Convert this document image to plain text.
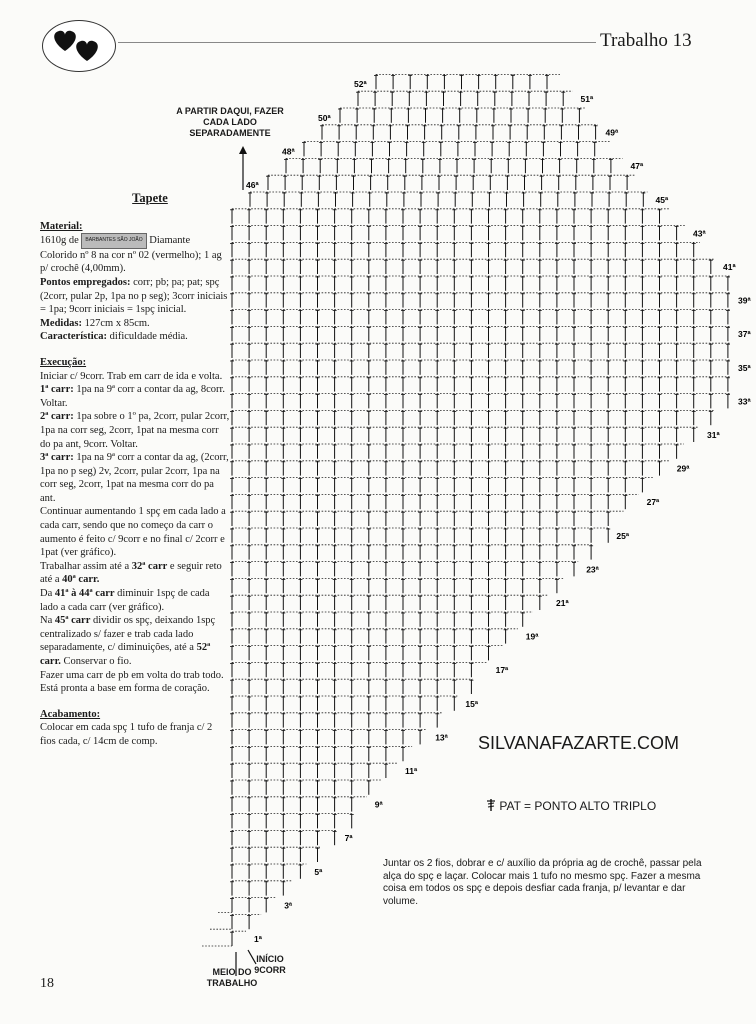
Trabalho 13
Tapete

Material:

1610g de BARBANTES SÃO JOÃO Diamante Colorido nº 8 na cor nº 02 (vermelho); 1 ag p/ crochê (4,00mm).

Pontos empregados: corr; pb; pa; pat; spç (2corr, pular 2p, 1pa no p seg); 3corr iniciais = 1pa; 9corr iniciais = 1spç inicial.

Medidas: 127cm x 85cm.

Característica: dificuldade média.

Execução:

Iniciar c/ 9corr. Trab em carr de ida e volta.

1ª carr: 1pa na 9ª corr a contar da ag, 8corr. Voltar.

2ª carr: 1pa sobre o 1º pa, 2corr, pular 2corr, 1pa na corr seg, 2corr, 1pat na mesma corr do pa ant, 9corr. Voltar.

3ª carr: 1pa na 9ª corr a contar da ag, (2corr, 1pa no p seg) 2v, 2corr, pular 2corr, 1pa na corr seg, 2corr, 1pat na mesma corr do pa ant.

Continuar aumentando 1 spç em cada lado a cada carr, sendo que no começo da carr o aumento é feito c/ 9corr e no final c/ 2corr e 1pat (ver gráfico).

Trabalhar assim até a 32ª carr e seguir reto até a 40ª carr.

Da 41ª à 44ª carr diminuir 1spç de cada lado a cada carr (ver gráfico).

Na 45ª carr dividir os spç, deixando 1spç centralizado s/ fazer e trab cada lado separadamente, c/ diminuições, até a 52ª carr. Conservar o fio.

Fazer uma carr de pb em volta do trab todo.

Está pronta a base em forma de coração.

Acabamento:

Colocar em cada spç 1 tufo de franja c/ 2 fios cada, c/ 14cm de comp.

18
1ª
3ª
5ª
7ª
9ª
11ª
13ª
15ª
17ª
19ª
21ª
23ª
25ª
27ª
29ª
31ª
33ª
35ª
37ª
39ª
41ª
43ª
45ª
47ª
49ª
51ª
46ª
48ª
50ª
52ª
A PARTIR DAQUI, FAZER CADA LADO SEPARADAMENTE
INÍCIO 9CORR
MEIO DO TRABALHO
SILVANAFAZARTE.COM
PAT = PONTO ALTO TRIPLO
Juntar os 2 fios, dobrar e c/ auxílio da própria ag de crochê, passar pela alça do spç e laçar. Colocar mais 1 tufo no mesmo spç. Fazer a mesma coisa em todos os spç e depois desfiar cada franja, p/ levantar e dar volume.
